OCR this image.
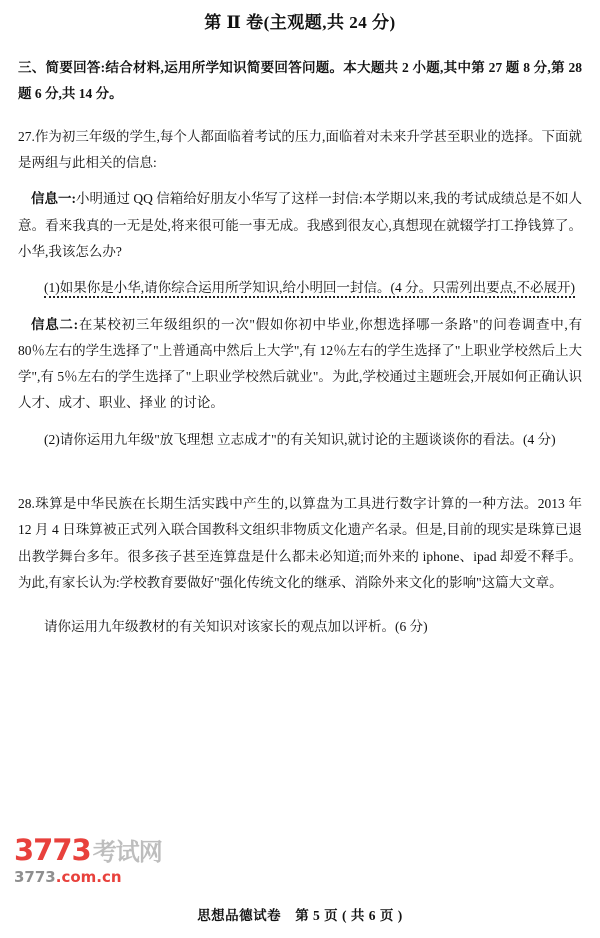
第 Ⅱ 卷(主观题,共 24 分)
三、简要回答:结合材料,运用所学知识简要回答问题。本大题共 2 小题,其中第 27 题 8 分,第 28 题 6 分,共 14 分。

27.作为初三年级的学生,每个人都面临着考试的压力,面临着对未来升学甚至职业的选择。下面就是两组与此相关的信息:

信息一:小明通过 QQ 信箱给好朋友小华写了这样一封信:本学期以来,我的考试成绩总是不如人意。看来我真的一无是处,将来很可能一事无成。我感到很友心,真想现在就辍学打工挣钱算了。小华,我该怎么办?

(1)如果你是小华,请你综合运用所学知识,给小明回一封信。(4 分。只需列出要点,不必展开)

信息二:在某校初三年级组织的一次"假如你初中毕业,你想选择哪一条路"的问卷调查中,有 80％左右的学生选择了"上普通高中然后上大学",有 12％左右的学生选择了"上职业学校然后上大学",有 5％左右的学生选择了"上职业学校然后就业"。为此,学校通过主题班会,开展如何正确认识人才、成才、职业、择业 的讨论。

(2)请你运用九年级"放飞理想 立志成才"的有关知识,就讨论的主题谈谈你的看法。(4 分)

28.珠算是中华民族在长期生活实践中产生的,以算盘为工具进行数字计算的一种方法。2013 年 12 月 4 日珠算被正式列入联合国教科文组织非物质文化遗产名录。但是,目前的现实是珠算已退出教学舞台多年。很多孩子甚至连算盘是什么都未必知道;而外来的 iphone、ipad 却爱不释手。为此,有家长认为:学校教育要做好"强化传统文化的继承、消除外来文化的影响"这篇大文章。

请你运用九年级教材的有关知识对该家长的观点加以评析。(6 分)

3773 考试网
3773.com.cn
思想品德试卷 第 5 页 ( 共 6 页 )
